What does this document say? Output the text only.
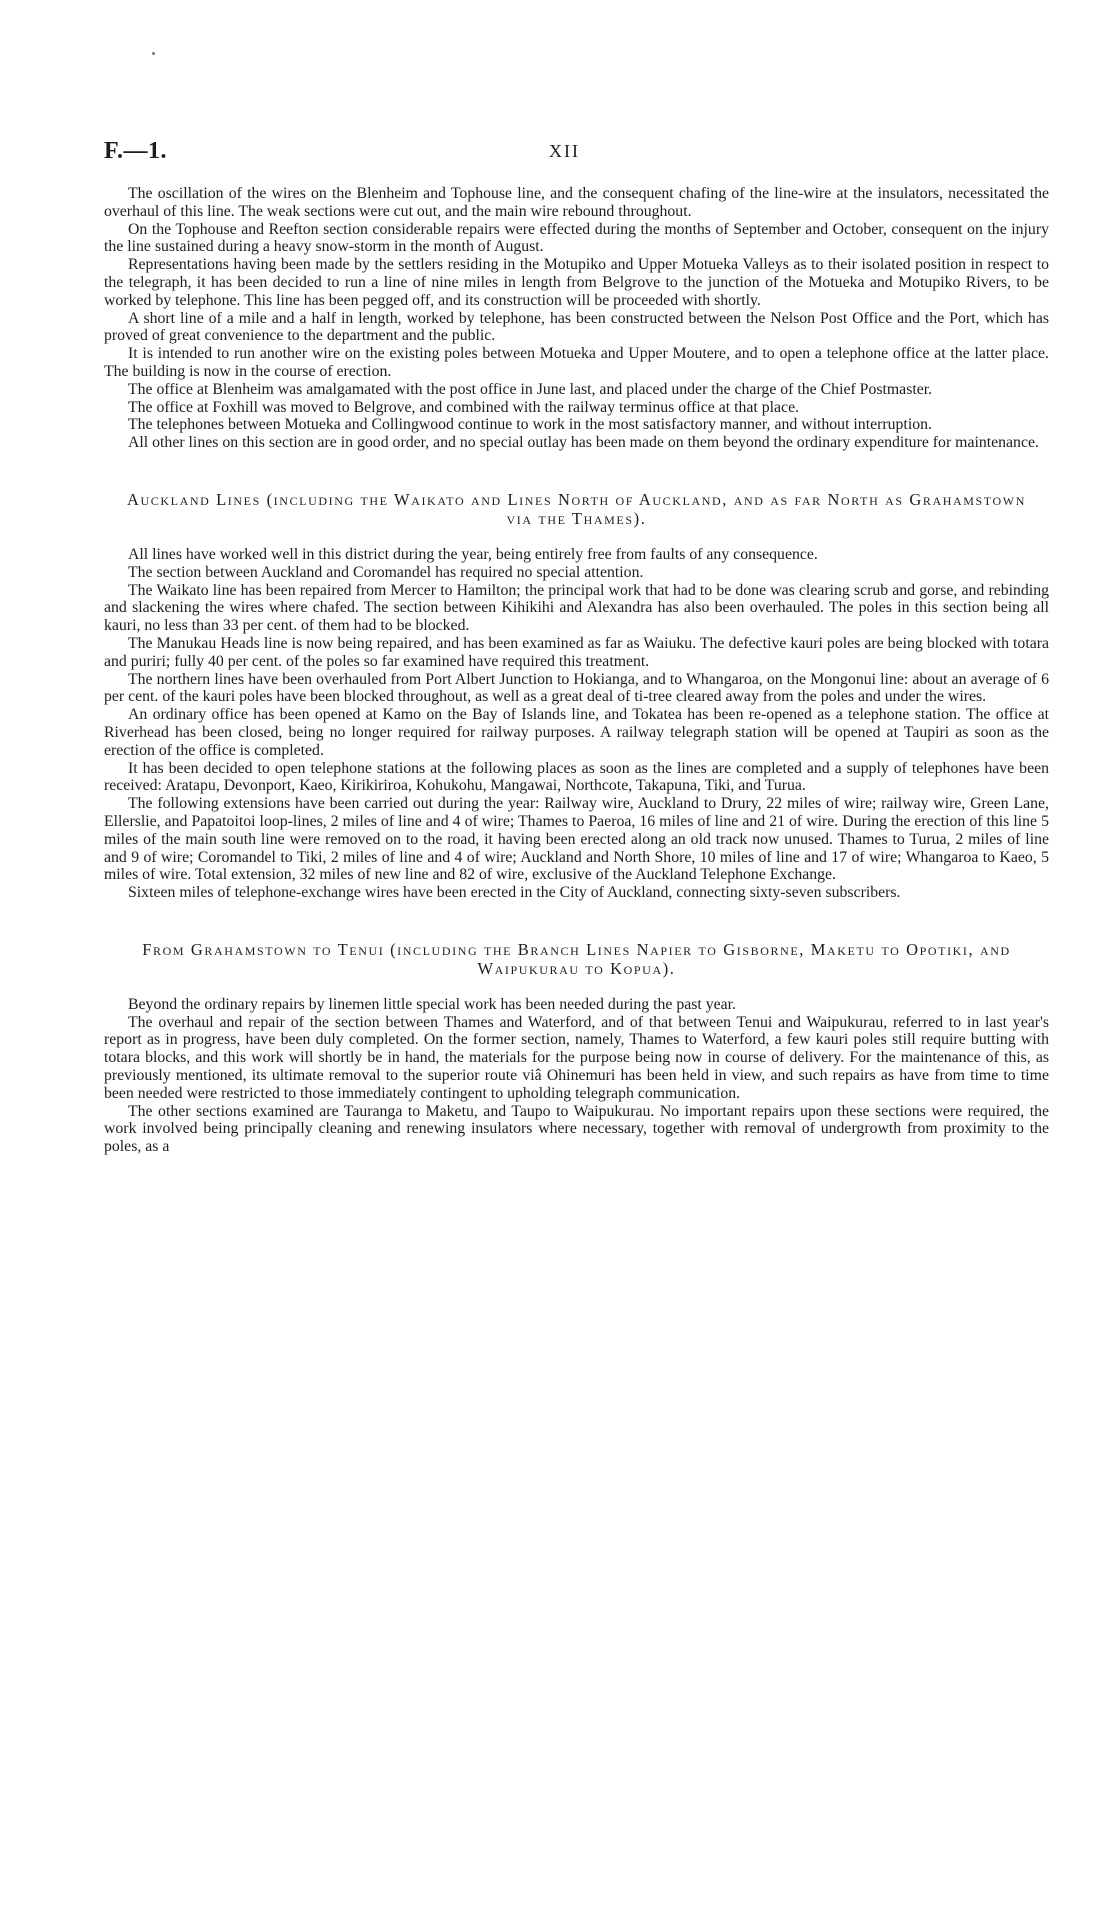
F.—1.	XII

The oscillation of the wires on the Blenheim and Tophouse line, and the consequent chafing of the line-wire at the insulators, necessitated the overhaul of this line. The weak sections were cut out, and the main wire rebound throughout.

On the Tophouse and Reefton section considerable repairs were effected during the months of September and October, consequent on the injury the line sustained during a heavy snow-storm in the month of August.

Representations having been made by the settlers residing in the Motupiko and Upper Motueka Valleys as to their isolated position in respect to the telegraph, it has been decided to run a line of nine miles in length from Belgrove to the junction of the Motueka and Motupiko Rivers, to be worked by telephone. This line has been pegged off, and its construction will be proceeded with shortly.

A short line of a mile and a half in length, worked by telephone, has been constructed between the Nelson Post Office and the Port, which has proved of great convenience to the department and the public.

It is intended to run another wire on the existing poles between Motueka and Upper Moutere, and to open a telephone office at the latter place. The building is now in the course of erection.

The office at Blenheim was amalgamated with the post office in June last, and placed under the charge of the Chief Postmaster.

The office at Foxhill was moved to Belgrove, and combined with the railway terminus office at that place.

The telephones between Motueka and Collingwood continue to work in the most satisfactory manner, and without interruption.

All other lines on this section are in good order, and no special outlay has been made on them beyond the ordinary expenditure for maintenance.

Auckland Lines (including the Waikato and Lines North of Auckland, and as far North as Grahamstown via the Thames).

All lines have worked well in this district during the year, being entirely free from faults of any consequence.

The section between Auckland and Coromandel has required no special attention.

The Waikato line has been repaired from Mercer to Hamilton; the principal work that had to be done was clearing scrub and gorse, and rebinding and slackening the wires where chafed. The section between Kihikihi and Alexandra has also been overhauled. The poles in this section being all kauri, no less than 33 per cent. of them had to be blocked.

The Manukau Heads line is now being repaired, and has been examined as far as Waiuku. The defective kauri poles are being blocked with totara and puriri; fully 40 per cent. of the poles so far examined have required this treatment.

The northern lines have been overhauled from Port Albert Junction to Hokianga, and to Whangaroa, on the Mongonui line: about an average of 6 per cent. of the kauri poles have been blocked throughout, as well as a great deal of ti-tree cleared away from the poles and under the wires.

An ordinary office has been opened at Kamo on the Bay of Islands line, and Tokatea has been re-opened as a telephone station. The office at Riverhead has been closed, being no longer required for railway purposes. A railway telegraph station will be opened at Taupiri as soon as the erection of the office is completed.

It has been decided to open telephone stations at the following places as soon as the lines are completed and a supply of telephones have been received: Aratapu, Devonport, Kaeo, Kirikiriroa, Kohukohu, Mangawai, Northcote, Takapuna, Tiki, and Turua.

The following extensions have been carried out during the year: Railway wire, Auckland to Drury, 22 miles of wire; railway wire, Green Lane, Ellerslie, and Papatoitoi loop-lines, 2 miles of line and 4 of wire; Thames to Paeroa, 16 miles of line and 21 of wire. During the erection of this line 5 miles of the main south line were removed on to the road, it having been erected along an old track now unused. Thames to Turua, 2 miles of line and 9 of wire; Coromandel to Tiki, 2 miles of line and 4 of wire; Auckland and North Shore, 10 miles of line and 17 of wire; Whangaroa to Kaeo, 5 miles of wire. Total extension, 32 miles of new line and 82 of wire, exclusive of the Auckland Telephone Exchange.

Sixteen miles of telephone-exchange wires have been erected in the City of Auckland, connecting sixty-seven subscribers.

From Grahamstown to Tenui (including the Branch Lines Napier to Gisborne, Maketu to Opotiki, and Waipukurau to Kopua).

Beyond the ordinary repairs by linemen little special work has been needed during the past year.

The overhaul and repair of the section between Thames and Waterford, and of that between Tenui and Waipukurau, referred to in last year's report as in progress, have been duly completed. On the former section, namely, Thames to Waterford, a few kauri poles still require butting with totara blocks, and this work will shortly be in hand, the materials for the purpose being now in course of delivery. For the maintenance of this, as previously mentioned, its ultimate removal to the superior route viâ Ohinemuri has been held in view, and such repairs as have from time to time been needed were restricted to those immediately contingent to upholding telegraph communication.

The other sections examined are Tauranga to Maketu, and Taupo to Waipukurau. No important repairs upon these sections were required, the work involved being principally cleaning and renewing insulators where necessary, together with removal of undergrowth from proximity to the poles, as a
